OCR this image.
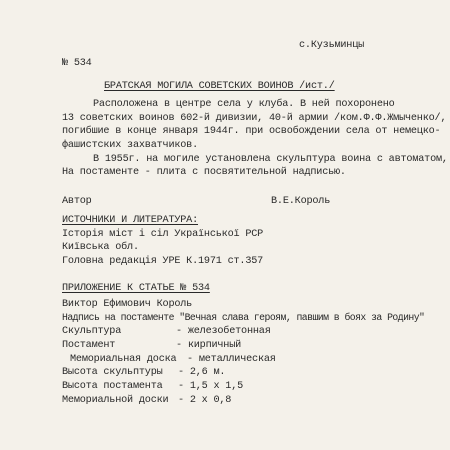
с.Кузьминцы
№ 534
БРАТСКАЯ МОГИЛА СОВЕТСКИХ ВОИНОВ /ист./
Расположена в центре села у клуба. В ней похоронено
13 советских воинов 602-й дивизии, 40-й армии /ком.Ф.Ф.Жмыченко/,
погибшие в конце января 1944г. при освобождении села от немецко-
фашистских захватчиков.
В 1955г. на могиле установлена скульптура воина с автоматом,
На постаменте - плита с посвятительной надписью.
Автор	В.Е.Король
ИСТОЧНИКИ И ЛИТЕРАТУРА:
Історія міст і сіл Української РСР
Київська обл.
Головна редакція УРЕ К.1971 ст.357
ПРИЛОЖЕНИЕ К СТАТЬЕ № 534
Виктор Ефимович Король
Надпись на постаменте "Вечная слава героям, павшим в боях за Родину"
Скульптура	- железобетонная
Постамент	- кирпичный
Мемориальная доска - металлическая
Высота скульптуры - 2,6 м.
Высота постамента - 1,5 х 1,5
Мемориальной доски - 2 х 0,8
